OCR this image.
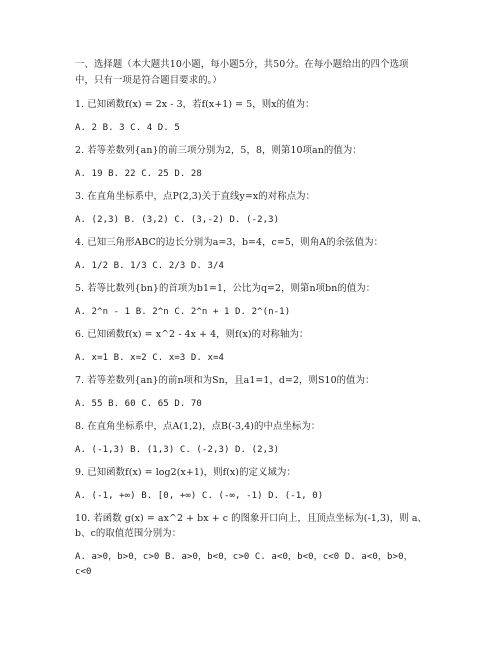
一、选择题（本大题共10小题，每小题5分，共50分。在每小题给出的四个选项
中，只有一项是符合题目要求的。）
1. 已知函数f(x) = 2x - 3，若f(x+1) = 5，则x的值为：
A. 2 B. 3 C. 4 D. 5
2. 若等差数列{an}的前三项分别为2，5，8，则第10项an的值为：
A. 19 B. 22 C. 25 D. 28
3. 在直角坐标系中，点P(2,3)关于直线y=x的对称点为：
A. (2,3) B. (3,2) C. (3,-2) D. (-2,3)
4. 已知三角形ABC的边长分别为a=3，b=4，c=5，则角A的余弦值为：
A. 1/2 B. 1/3 C. 2/3 D. 3/4
5. 若等比数列{bn}的首项为b1=1，公比为q=2，则第n项bn的值为：
A. 2^n - 1 B. 2^n C. 2^n + 1 D. 2^(n-1)
6. 已知函数f(x) = x^2 - 4x + 4，则f(x)的对称轴为：
A. x=1 B. x=2 C. x=3 D. x=4
7. 若等差数列{an}的前n项和为Sn，且a1=1，d=2，则S10的值为：
A. 55 B. 60 C. 65 D. 70
8. 在直角坐标系中，点A(1,2)，点B(-3,4)的中点坐标为：
A. (-1,3) B. (1,3) C. (-2,3) D. (2,3)
9. 已知函数f(x) = log2(x+1)，则f(x)的定义域为：
A. (-1, +∞) B. [0, +∞) C. (-∞, -1) D. (-1, 0)
10. 若函数 g(x) = ax^2 + bx + c 的图象开口向上，且顶点坐标为(-1,3)，则 a、
b、c的取值范围分别为：
A. a>0，b>0，c>0 B. a>0，b<0，c>0 C. a<0，b<0，c<0 D. a<0，b>0，
c<0
